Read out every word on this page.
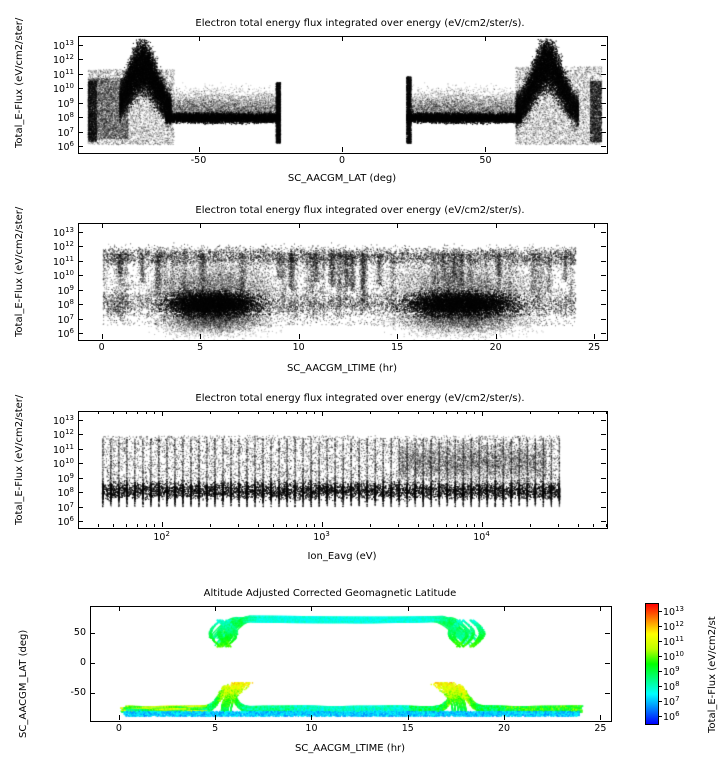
Electron total energy flux integrated over energy (eV/cm2/ster/s).
Total_E-Flux (eV/cm2/ster/
SC_AACGM_LAT (deg)
-50	0	50
$10^6$
$10^7$
$10^8$
$10^9$
$10^{10}$
$10^{11}$
$10^{12}$
$10^{13}$
Electron total energy flux integrated over energy (eV/cm2/ster/s).
Total_E-Flux (eV/cm2/ster/
SC_AACGM_LTIME (hr)
0	5	10	15	20	25
$10^6$
$10^7$
$10^8$
$10^9$
$10^{10}$
$10^{11}$
$10^{12}$
$10^{13}$
Electron total energy flux integrated over energy (eV/cm2/ster/s).
Total_E-Flux (eV/cm2/ster/
Ion_Eavg (eV)
$10^2$	$10^3$	$10^4$
$10^6$
$10^7$
$10^8$
$10^9$
$10^{10}$
$10^{11}$
$10^{12}$
$10^{13}$
Altitude Adjusted Corrected Geomagnetic Latitude
SC_AACGM_LAT (deg)
SC_AACGM_LTIME (hr)
Total_E-Flux (eV/cm2/st
0	5	10	15	20	25
-50
0
50
$10^6$
$10^7$
$10^8$
$10^9$
$10^{10}$
$10^{11}$
$10^{12}$
$10^{13}$
